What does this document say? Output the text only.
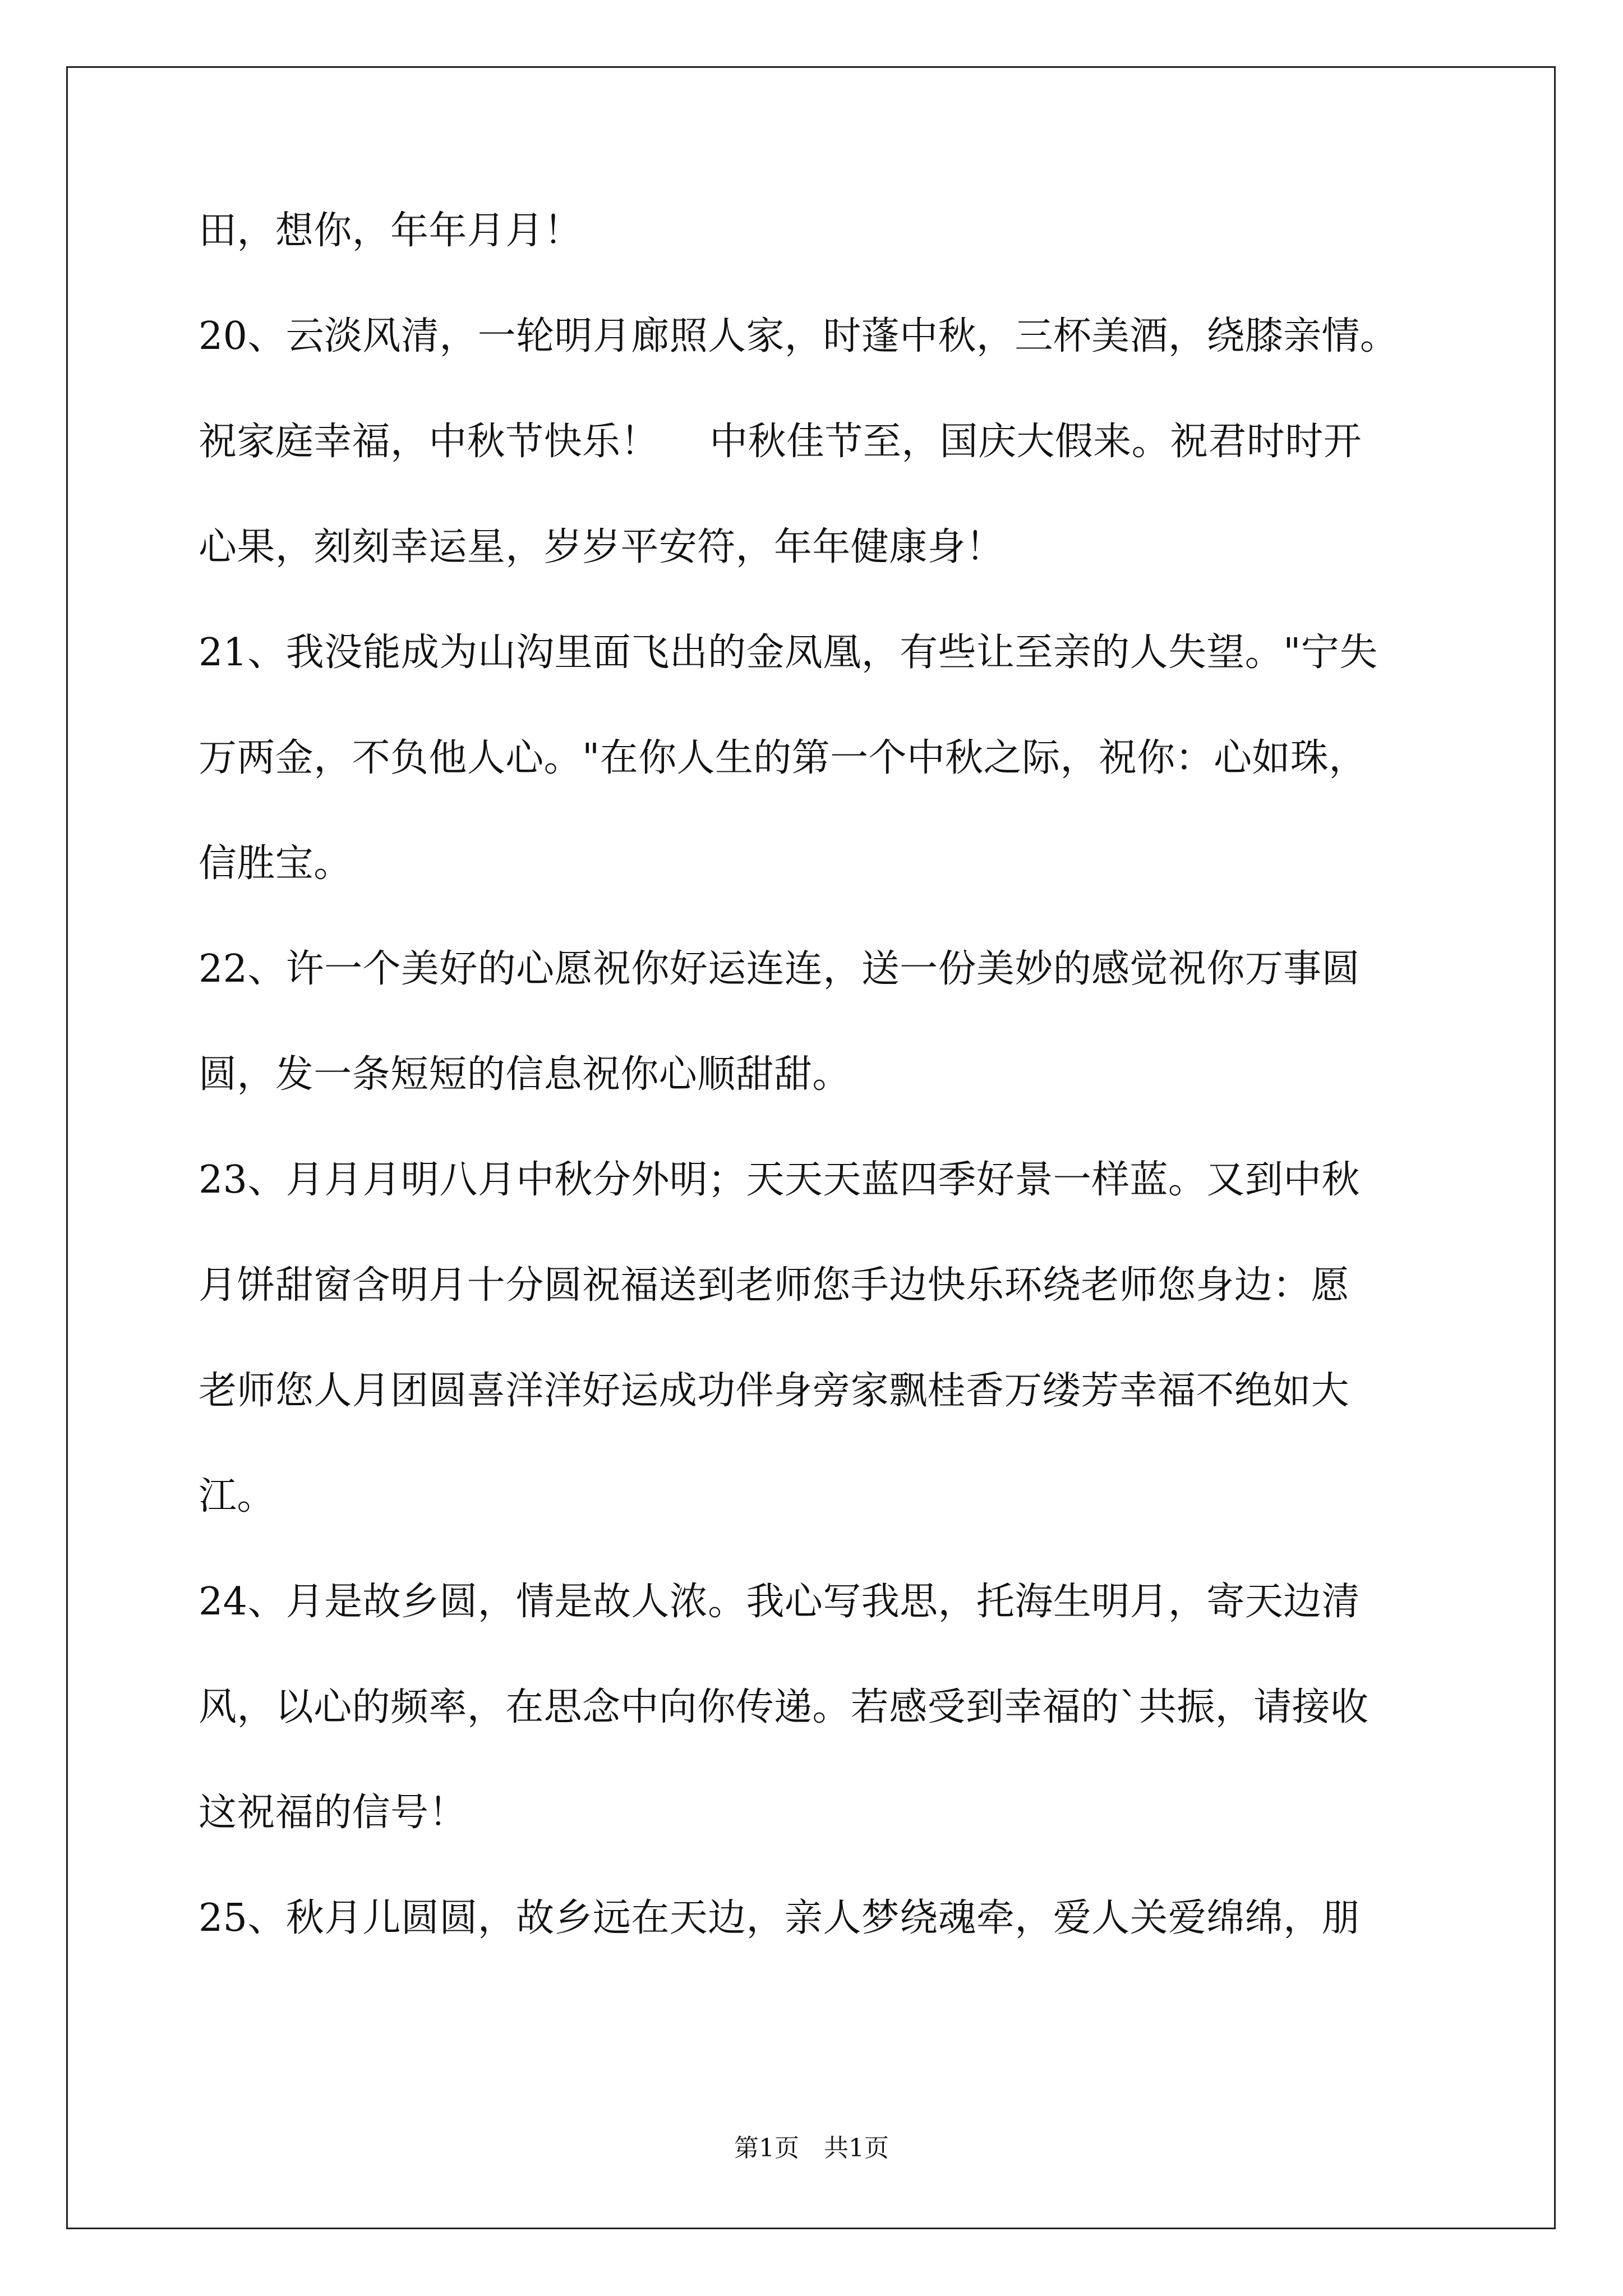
田，想你，年年月月！
20、云淡风清，一轮明月廊照人家，时蓬中秋，三杯美酒，绕膝亲情。
祝家庭幸福，中秋节快乐！　 中秋佳节至，国庆大假来。祝君时时开
心果，刻刻幸运星，岁岁平安符，年年健康身！
21、我没能成为山沟里面飞出的金凤凰，有些让至亲的人失望。"宁失
万两金，不负他人心。"在你人生的第一个中秋之际，祝你：心如珠，
信胜宝。
22、许一个美好的心愿祝你好运连连，送一份美妙的感觉祝你万事圆
圆，发一条短短的信息祝你心顺甜甜。
23、月月月明八月中秋分外明；天天天蓝四季好景一样蓝。又到中秋
月饼甜窗含明月十分圆祝福送到老师您手边快乐环绕老师您身边：愿
老师您人月团圆喜洋洋好运成功伴身旁家飘桂香万缕芳幸福不绝如大
江。
24、月是故乡圆，情是故人浓。我心写我思，托海生明月，寄天边清
风，以心的频率，在思念中向你传递。若感受到幸福的`共振，请接收
这祝福的信号！
25、秋月儿圆圆，故乡远在天边，亲人梦绕魂牵，爱人关爱绵绵，朋
第1页　共1页
